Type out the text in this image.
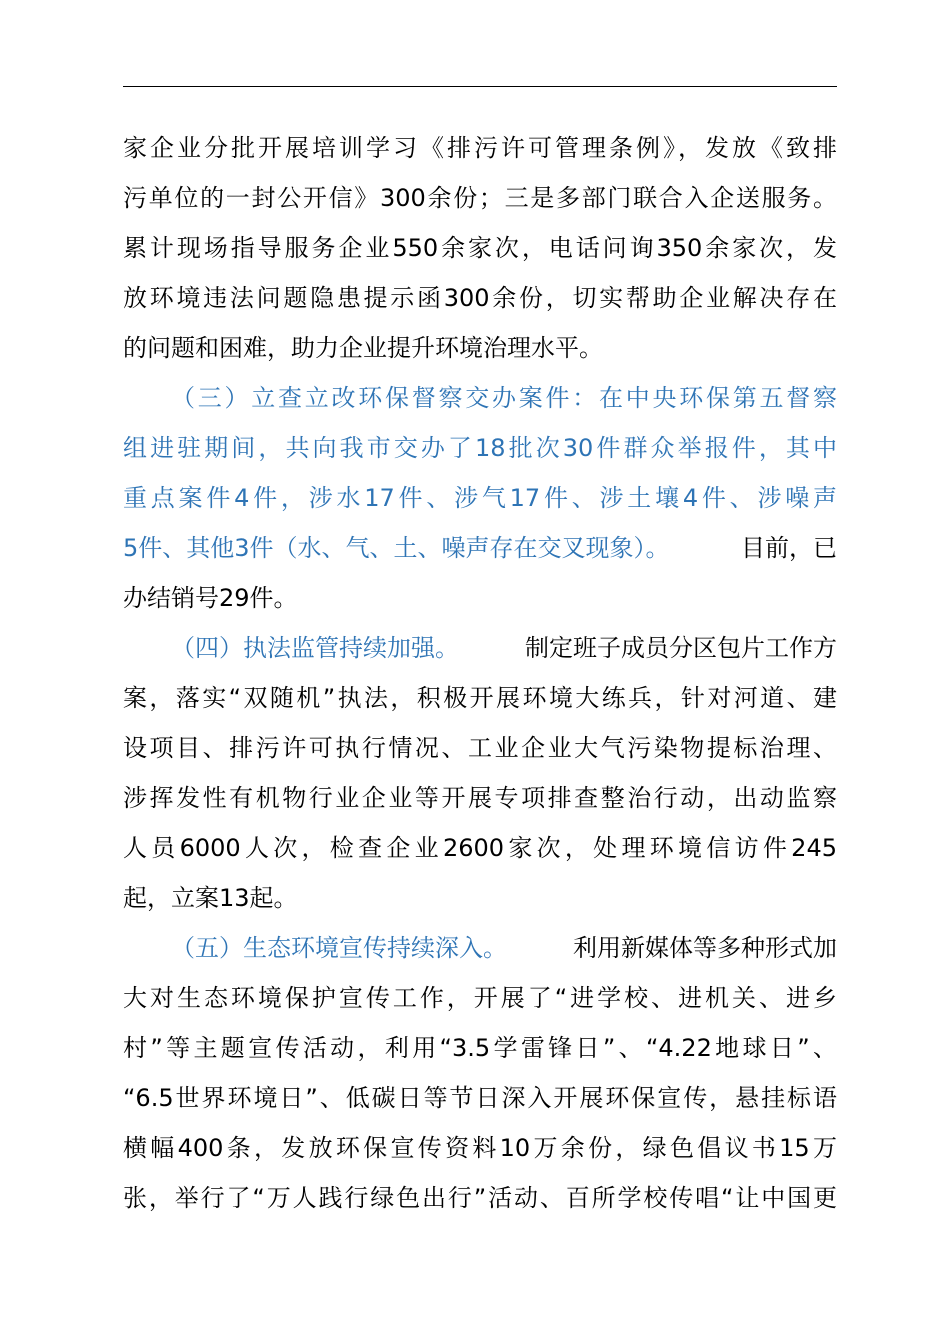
家企业分批开展培训学习《排污许可管理条例》，发放《致排
污单位的一封公开信》300余份；三是多部门联合入企送服务。
累计现场指导服务企业550余家次，电话问询350余家次，发
放环境违法问题隐患提示函300余份，切实帮助企业解决存在
的问题和困难，助力企业提升环境治理水平。
（三）立查立改环保督察交办案件：在中央环保第五督察
组进驻期间，共向我市交办了18批次30件群众举报件，其中
重点案件4件，涉水17件、涉气17件、涉土壤4件、涉噪声
5件、其他3件（水、气、土、噪声存在交叉现象）。	目前，已
办结销号29件。
（四）执法监管持续加强。	制定班子成员分区包片工作方
案，落实“双随机”执法，积极开展环境大练兵，针对河道、建
设项目、排污许可执行情况、工业企业大气污染物提标治理、
涉挥发性有机物行业企业等开展专项排查整治行动，出动监察
人员6000人次，检查企业2600家次，处理环境信访件245
起，立案13起。
（五）生态环境宣传持续深入。	利用新媒体等多种形式加
大对生态环境保护宣传工作，开展了“进学校、进机关、进乡
村”等主题宣传活动，利用“3.5学雷锋日”、“4.22地球日”、
“6.5世界环境日”、低碳日等节日深入开展环保宣传，悬挂标语
横幅400条，发放环保宣传资料10万余份，绿色倡议书15万
张，举行了“万人践行绿色出行”活动、百所学校传唱“让中国更
